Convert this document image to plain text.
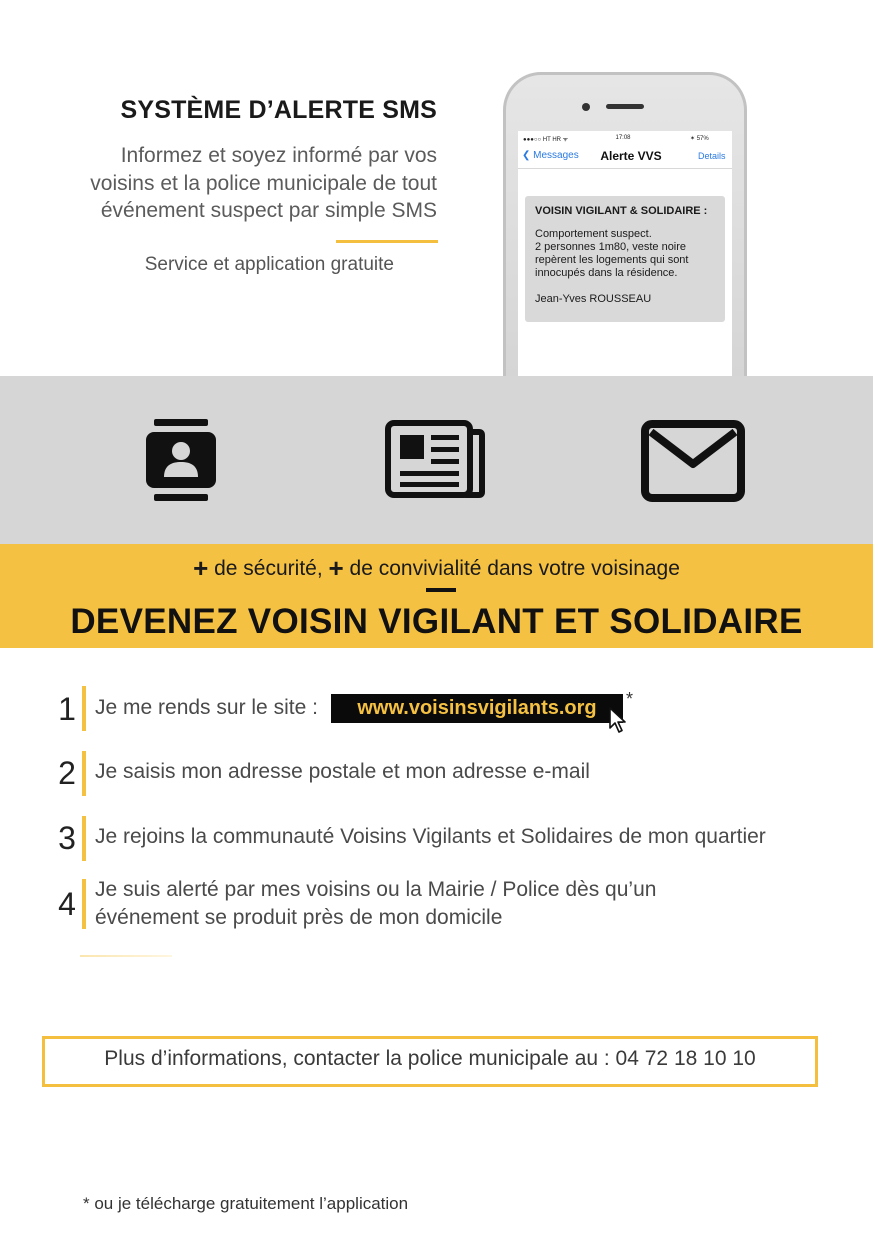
SYSTÈME D’ALERTE SMS
Informez et soyez informé par vos
voisins et la police municipale de tout
événement suspect par simple SMS
Service et application gratuite
●●●○○ HT HR ᯤ	17:08	✶ 57%
❮ Messages	Alerte VVS	Details
VOISIN VIGILANT & SOLIDAIRE :
Comportement suspect.
2 personnes 1m80, veste noire
repèrent les logements qui sont
innocupés dans la résidence.
Jean-Yves ROUSSEAU
+ de sécurité, + de convivialité dans votre voisinage
DEVENEZ VOISIN VIGILANT ET SOLIDAIRE
1 Je me rends sur le site :	www.voisinsvigilants.org	*
2 Je saisis mon adresse postale et mon adresse e-mail
3 Je rejoins la communauté Voisins Vigilants et Solidaires de mon quartier
4 Je suis alerté par mes voisins ou la Mairie / Police dès qu’un
événement se produit près de mon domicile
Plus d’informations, contacter la police municipale au : 04 72 18 10 10
* ou je télécharge gratuitement l’application
